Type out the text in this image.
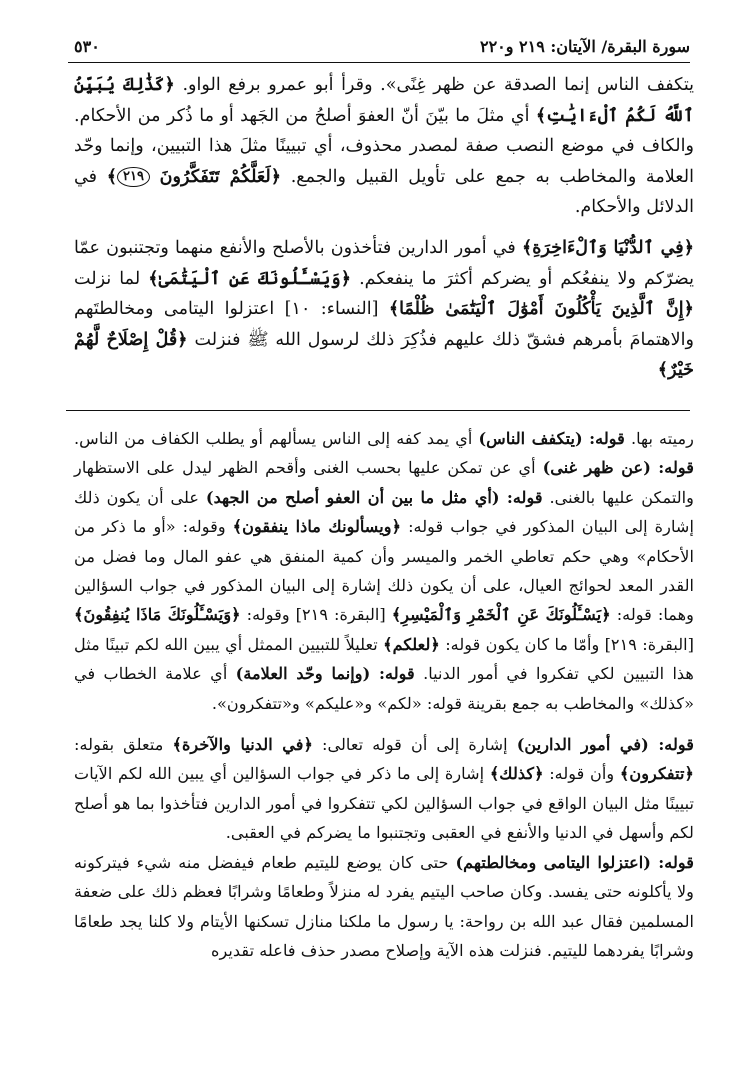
سورة البقرة/ الآيتان: ٢١٩ و٢٢٠
٥٣٠

يتكفف الناس إنما الصدقة عن ظهر غِنًى». وقرأ أبو عمرو برفع الواو. ﴿كَذَٰلِكَ يُبَيِّنُ ٱللَّهُ لَكُمُ ٱلْءَايَٰتِ﴾ أي مثلَ ما بيّنَ أنّ العفوَ أصلحُ من الجَهد أو ما ذُكر من الأحكام. والكاف في موضع النصب صفة لمصدر محذوف، أي تبيينًا مثلَ هذا التبيين، وإنما وحّد العلامة والمخاطب به جمع على تأويل القبيل والجمع. ﴿لَعَلَّكُمْ تَتَفَكَّرُونَ ٢١٩﴾ في الدلائل والأحكام.

﴿فِي ٱلدُّنْيَا وَٱلْءَاخِرَةِ﴾ في أمور الدارين فتأخذون بالأصلح والأنفع منهما وتجتنبون عمّا يضرّكم ولا ينفعُكم أو يضركم أكثرَ ما ينفعكم. ﴿وَيَسْـَٔلُونَكَ عَنِ ٱلْيَتَٰمَىٰ﴾ لما نزلت ﴿إِنَّ ٱلَّذِينَ يَأْكُلُونَ أَمْوَٰلَ ٱلْيَتَٰمَىٰ ظُلْمًا﴾ [النساء: ١٠] اعتزلوا اليتامى ومخالطتَهم والاهتمامَ بأمرهم فشقّ ذلك عليهم فذُكِرَ ذلك لرسول الله ﷺ فنزلت ﴿قُلْ إِصْلَاحٌ لَّهُمْ خَيْرٌ﴾

رميته بها. قوله: (يتكفف الناس) أي يمد كفه إلى الناس يسألهم أو يطلب الكفاف من الناس. قوله: (عن ظهر غنى) أي عن تمكن عليها بحسب الغنى وأقحم الظهر ليدل على الاستظهار والتمكن عليها بالغنى. قوله: (أي مثل ما بين أن العفو أصلح من الجهد) على أن يكون ذلك إشارة إلى البيان المذكور في جواب قوله: ﴿ويسألونك ماذا ينفقون﴾ وقوله: «أو ما ذكر من الأحكام» وهي حكم تعاطي الخمر والميسر وأن كمية المنفق هي عفو المال وما فضل من القدر المعد لحوائج العيال، على أن يكون ذلك إشارة إلى البيان المذكور في جواب السؤالين وهما: قوله: ﴿يَسْـَٔلُونَكَ عَنِ ٱلْخَمْرِ وَٱلْمَيْسِرِ﴾ [البقرة: ٢١٩] وقوله: ﴿وَيَسْـَٔلُونَكَ مَاذَا يُنفِقُونَ﴾ [البقرة: ٢١٩] وأمّا ما كان يكون قوله: ﴿لعلكم﴾ تعليلاً للتبيين الممثل أي يبين الله لكم تبينًا مثل هذا التبيين لكي تفكروا في أمور الدنيا. قوله: (وإنما وحّد العلامة) أي علامة الخطاب في «كذلك» والمخاطب به جمع بقرينة قوله: «لكم» و«عليكم» و«تتفكرون».

قوله: (في أمور الدارين) إشارة إلى أن قوله تعالى: ﴿في الدنيا والآخرة﴾ متعلق بقوله: ﴿تتفكرون﴾ وأن قوله: ﴿كذلك﴾ إشارة إلى ما ذكر في جواب السؤالين أي يبين الله لكم الآيات تبيينًا مثل البيان الواقع في جواب السؤالين لكي تتفكروا في أمور الدارين فتأخذوا بما هو أصلح لكم وأسهل في الدنيا والأنفع في العقبى وتجتنبوا ما يضركم في العقبى.
قوله: (اعتزلوا اليتامى ومخالطتهم) حتى كان يوضع لليتيم طعام فيفضل منه شيء فيتركونه ولا يأكلونه حتى يفسد. وكان صاحب اليتيم يفرد له منزلاً وطعامًا وشرابًا فعظم ذلك على ضعفة المسلمين فقال عبد الله بن رواحة: يا رسول ما ملكنا منازل تسكنها الأيتام ولا كلنا يجد طعامًا وشرابًا يفردهما لليتيم. فنزلت هذه الآية وإصلاح مصدر حذف فاعله تقديره
